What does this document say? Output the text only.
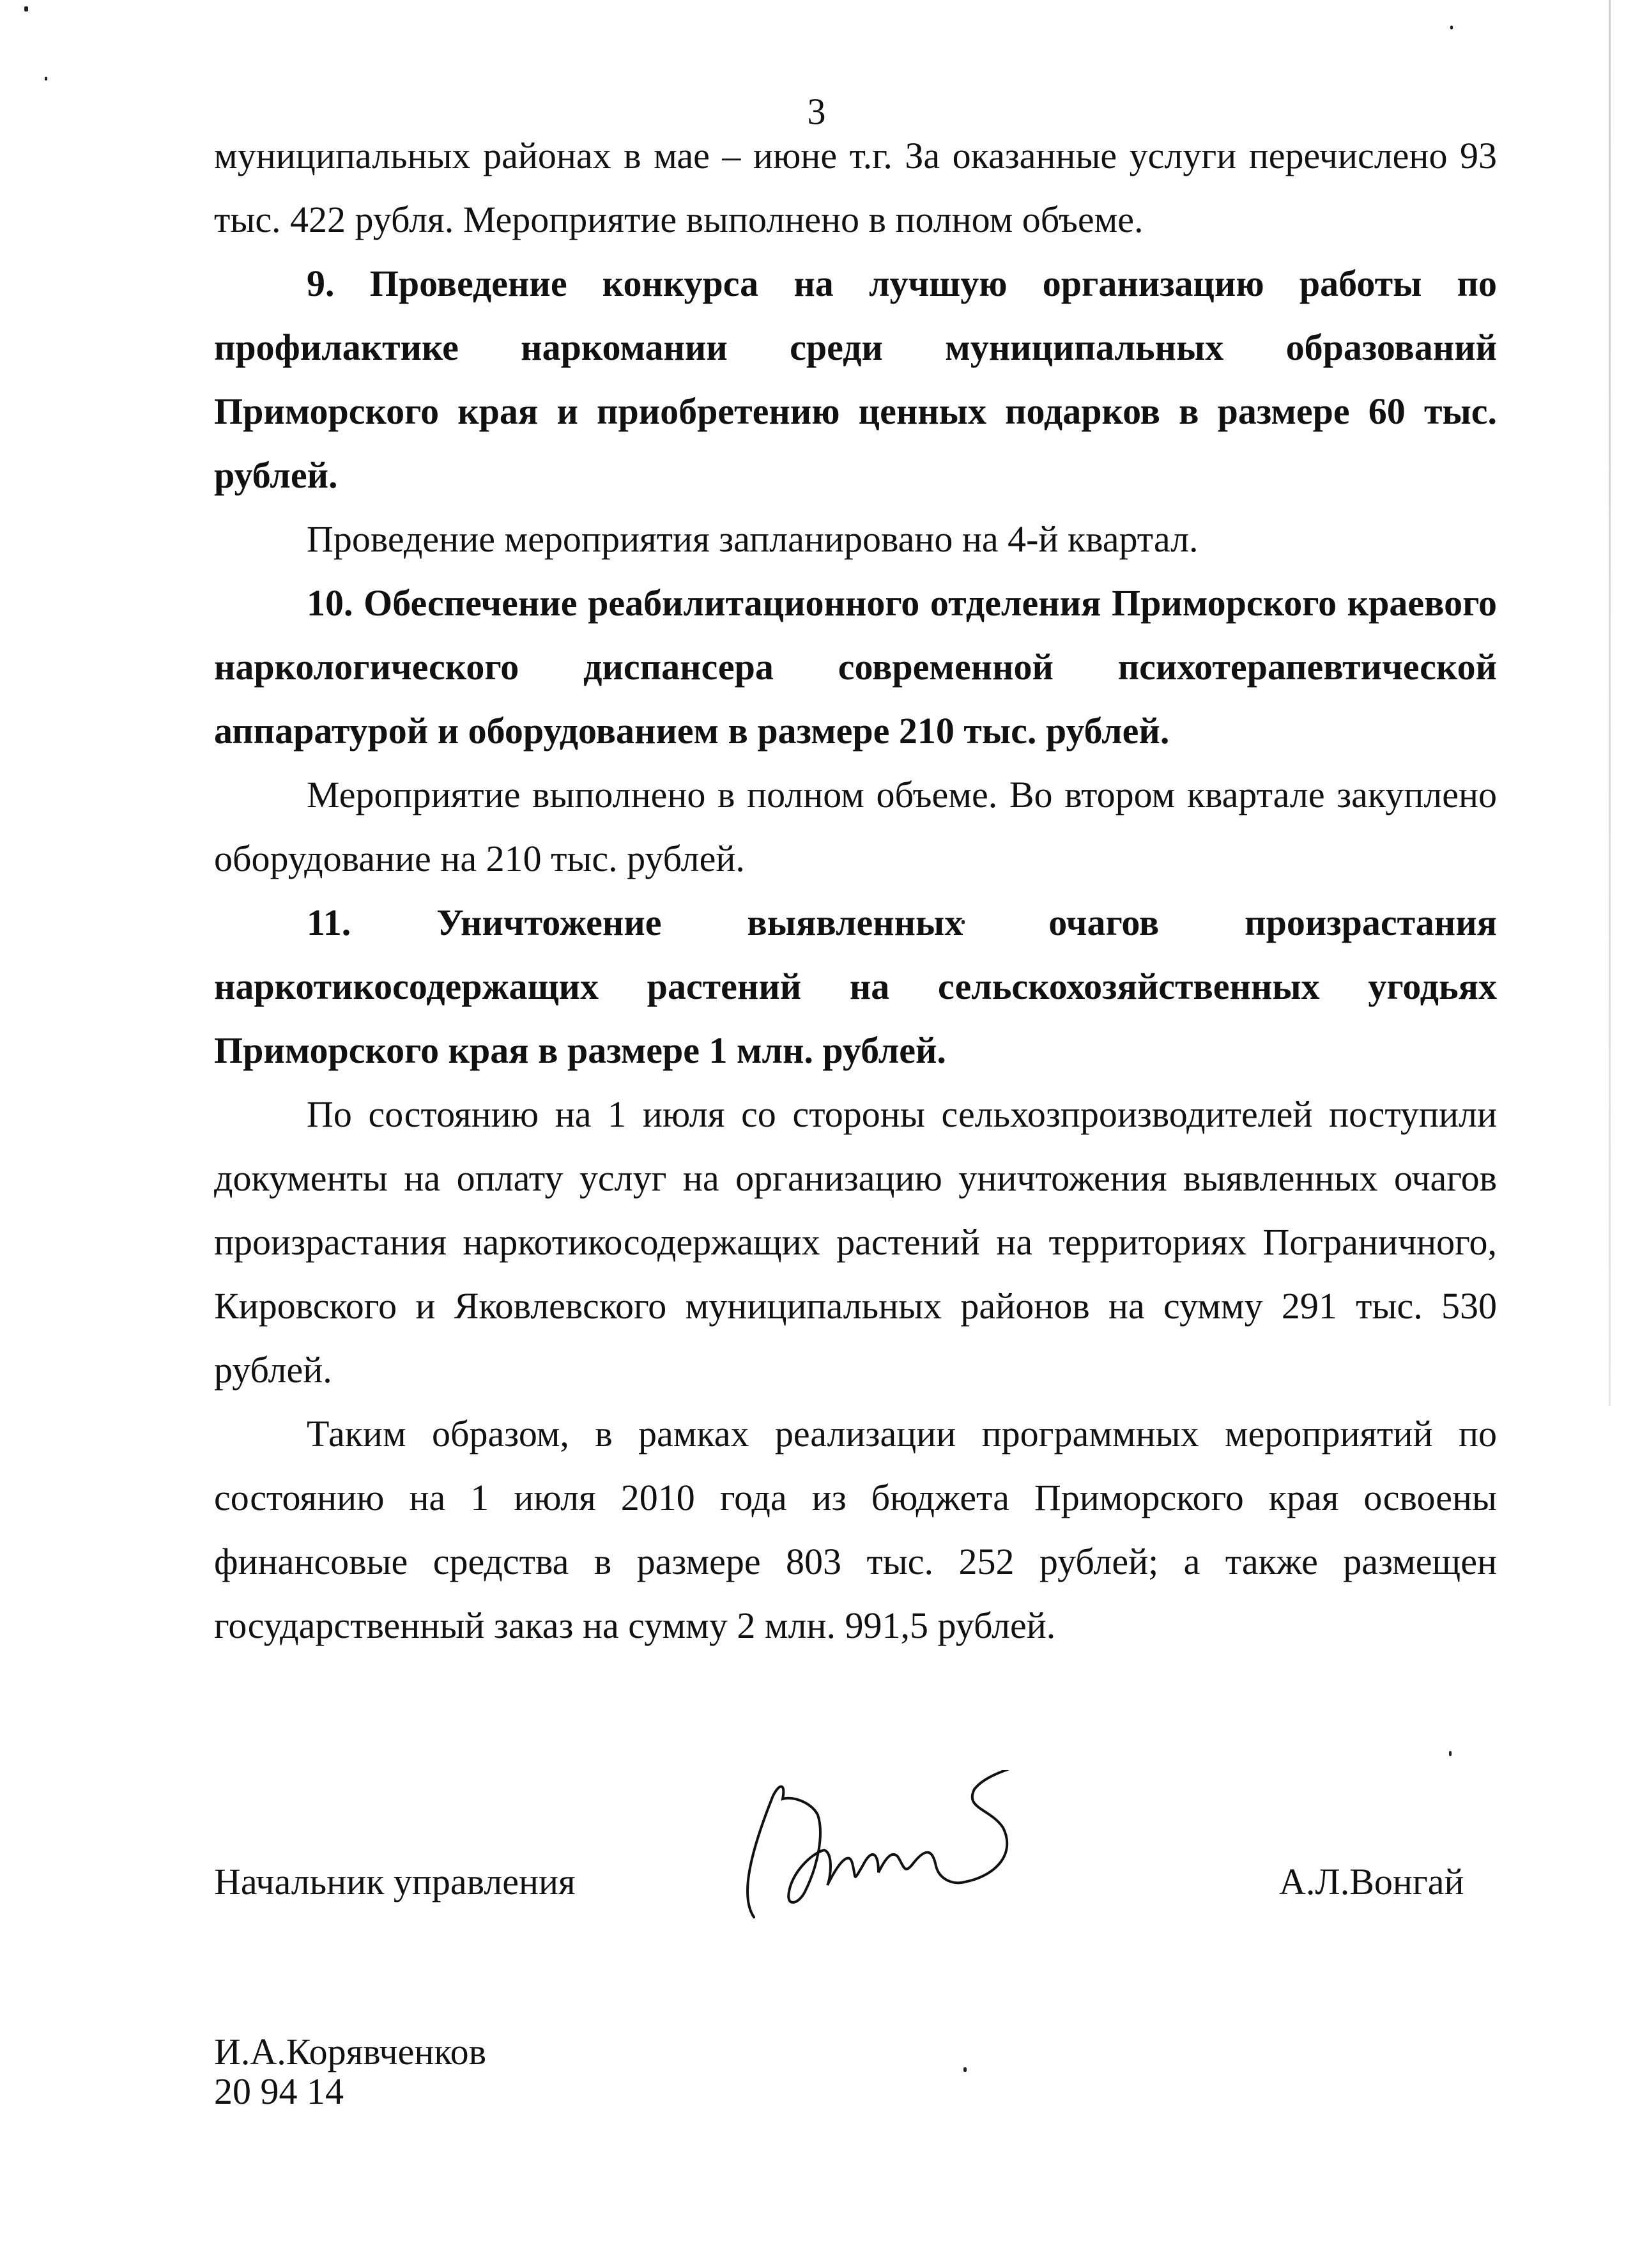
3

муниципальных районах в мае – июне т.г. За оказанные услуги перечислено 93 тыс. 422 рубля. Мероприятие выполнено в полном объеме.

9. Проведение конкурса на лучшую организацию работы по профилактике наркомании среди муниципальных образований Приморского края и приобретению ценных подарков в размере 60 тыс. рублей.

Проведение мероприятия запланировано на 4-й квартал.

10. Обеспечение реабилитационного отделения Приморского краевого наркологического диспансера современной психотерапевтической аппаратурой и оборудованием в размере 210 тыс. рублей.

Мероприятие выполнено в полном объеме. Во втором квартале закуплено оборудование на 210 тыс. рублей.

11. Уничтожение выявленных очагов произрастания наркотикосодержащих растений на сельскохозяйственных угодьях Приморского края в размере 1 млн. рублей.

По состоянию на 1 июля со стороны сельхозпроизводителей поступили документы на оплату услуг на организацию уничтожения выявленных очагов произрастания наркотикосодержащих растений на территориях Пограничного, Кировского и Яковлевского муниципальных районов на сумму 291 тыс. 530 рублей.

Таким образом, в рамках реализации программных мероприятий по состоянию на 1 июля 2010 года из бюджета Приморского края освоены финансовые средства в размере 803 тыс. 252 рублей; а также размещен государственный заказ на сумму 2 млн. 991,5 рублей.

Начальник управления	А.Л.Вонгай
И.А.Корявченков
20 94 14
